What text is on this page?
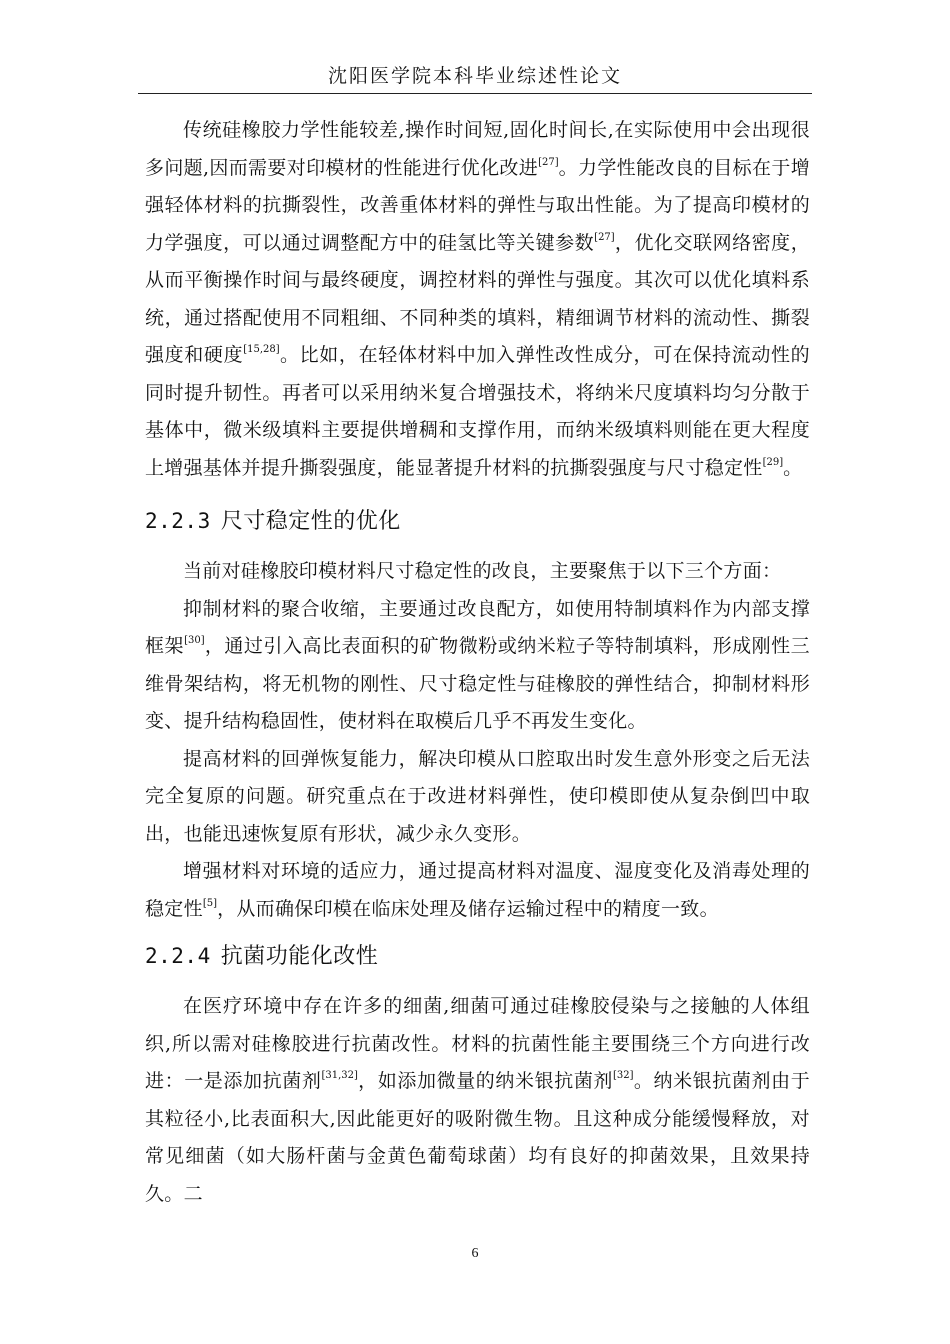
沈阳医学院本科毕业综述性论文

传统硅橡胶力学性能较差,操作时间短,固化时间长,在实际使用中会出现很多问题,因而需要对印模材的性能进行优化改进[27]。力学性能改良的目标在于增强轻体材料的抗撕裂性，改善重体材料的弹性与取出性能。为了提高印模材的力学强度，可以通过调整配方中的硅氢比等关键参数[27]，优化交联网络密度，从而平衡操作时间与最终硬度，调控材料的弹性与强度。其次可以优化填料系统，通过搭配使用不同粗细、不同种类的填料，精细调节材料的流动性、撕裂强度和硬度[15,28]。比如，在轻体材料中加入弹性改性成分，可在保持流动性的同时提升韧性。再者可以采用纳米复合增强技术，将纳米尺度填料均匀分散于基体中，微米级填料主要提供增稠和支撑作用，而纳米级填料则能在更大程度上增强基体并提升撕裂强度，能显著提升材料的抗撕裂强度与尺寸稳定性[29]。

2.2.3 尺寸稳定性的优化

当前对硅橡胶印模材料尺寸稳定性的改良，主要聚焦于以下三个方面：

抑制材料的聚合收缩，主要通过改良配方，如使用特制填料作为内部支撑框架[30]，通过引入高比表面积的矿物微粉或纳米粒子等特制填料，形成刚性三维骨架结构，将无机物的刚性、尺寸稳定性与硅橡胶的弹性结合，抑制材料形变、提升结构稳固性，使材料在取模后几乎不再发生变化。

提高材料的回弹恢复能力，解决印模从口腔取出时发生意外形变之后无法完全复原的问题。研究重点在于改进材料弹性，使印模即使从复杂倒凹中取出，也能迅速恢复原有形状，减少永久变形。

增强材料对环境的适应力，通过提高材料对温度、湿度变化及消毒处理的稳定性[5]，从而确保印模在临床处理及储存运输过程中的精度一致。

2.2.4 抗菌功能化改性

在医疗环境中存在许多的细菌,细菌可通过硅橡胶侵染与之接触的人体组织,所以需对硅橡胶进行抗菌改性。材料的抗菌性能主要围绕三个方向进行改进：一是添加抗菌剂[31,32]，如添加微量的纳米银抗菌剂[32]。纳米银抗菌剂由于其粒径小,比表面积大,因此能更好的吸附微生物。且这种成分能缓慢释放，对常见细菌（如大肠杆菌与金黄色葡萄球菌）均有良好的抑菌效果，且效果持久。二

6
